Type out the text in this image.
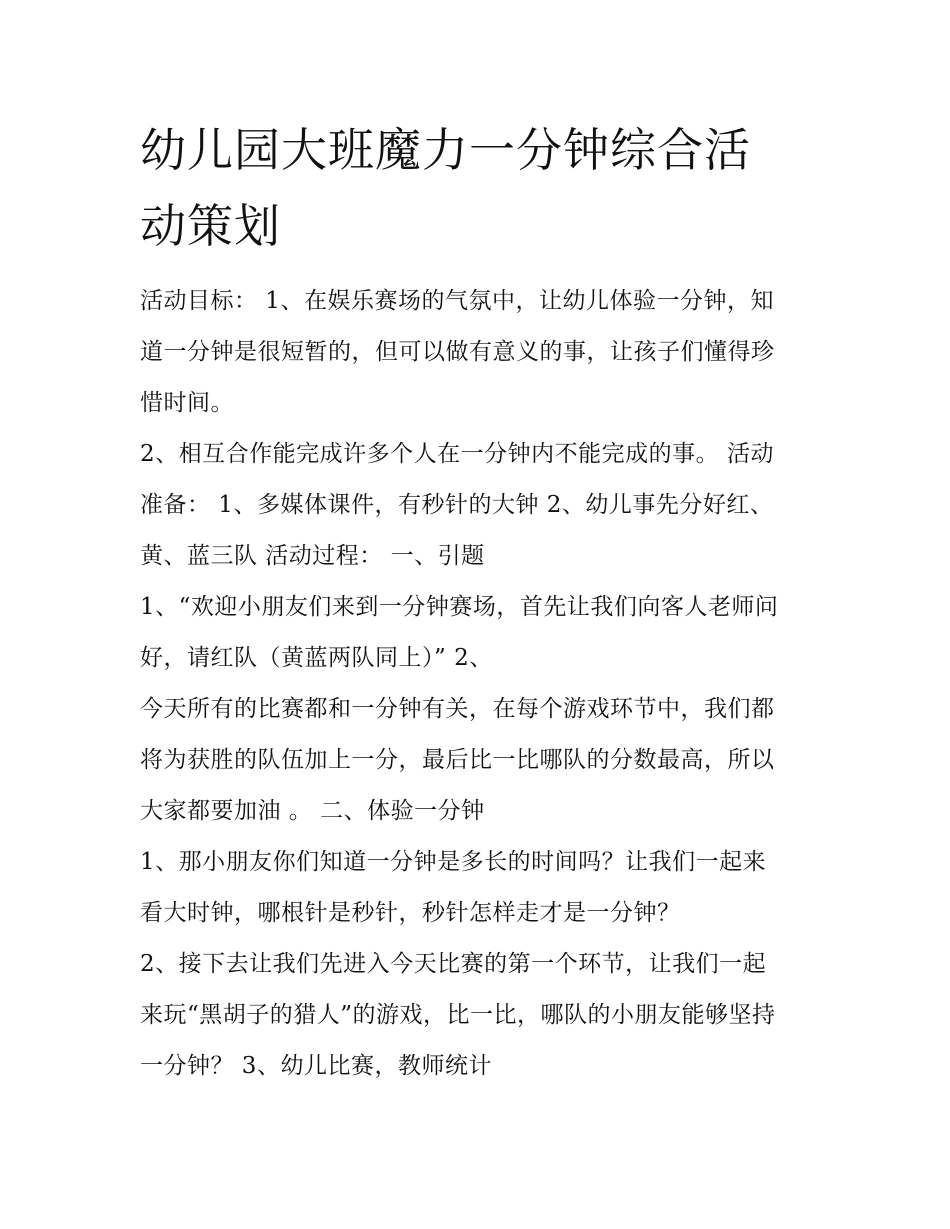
幼儿园大班魔力一分钟综合活
动策划
活动目标： 1、在娱乐赛场的气氛中，让幼儿体验一分钟，知
道一分钟是很短暂的，但可以做有意义的事，让孩子们懂得珍
惜时间。
2、相互合作能完成许多个人在一分钟内不能完成的事。 活动
准备： 1、多媒体课件，有秒针的大钟 2、幼儿事先分好红、
黄、蓝三队 活动过程： 一、引题
1、“欢迎小朋友们来到一分钟赛场，首先让我们向客人老师问
好，请红队（黄蓝两队同上）” 2、
今天所有的比赛都和一分钟有关，在每个游戏环节中，我们都
将为获胜的队伍加上一分，最后比一比哪队的分数最高，所以
大家都要加油 。 二、体验一分钟
1、那小朋友你们知道一分钟是多长的时间吗？让我们一起来
看大时钟，哪根针是秒针，秒针怎样走才是一分钟？
2、接下去让我们先进入今天比赛的第一个环节，让我们一起
来玩“黑胡子的猎人”的游戏，比一比，哪队的小朋友能够坚持
一分钟？ 3、幼儿比赛，教师统计
